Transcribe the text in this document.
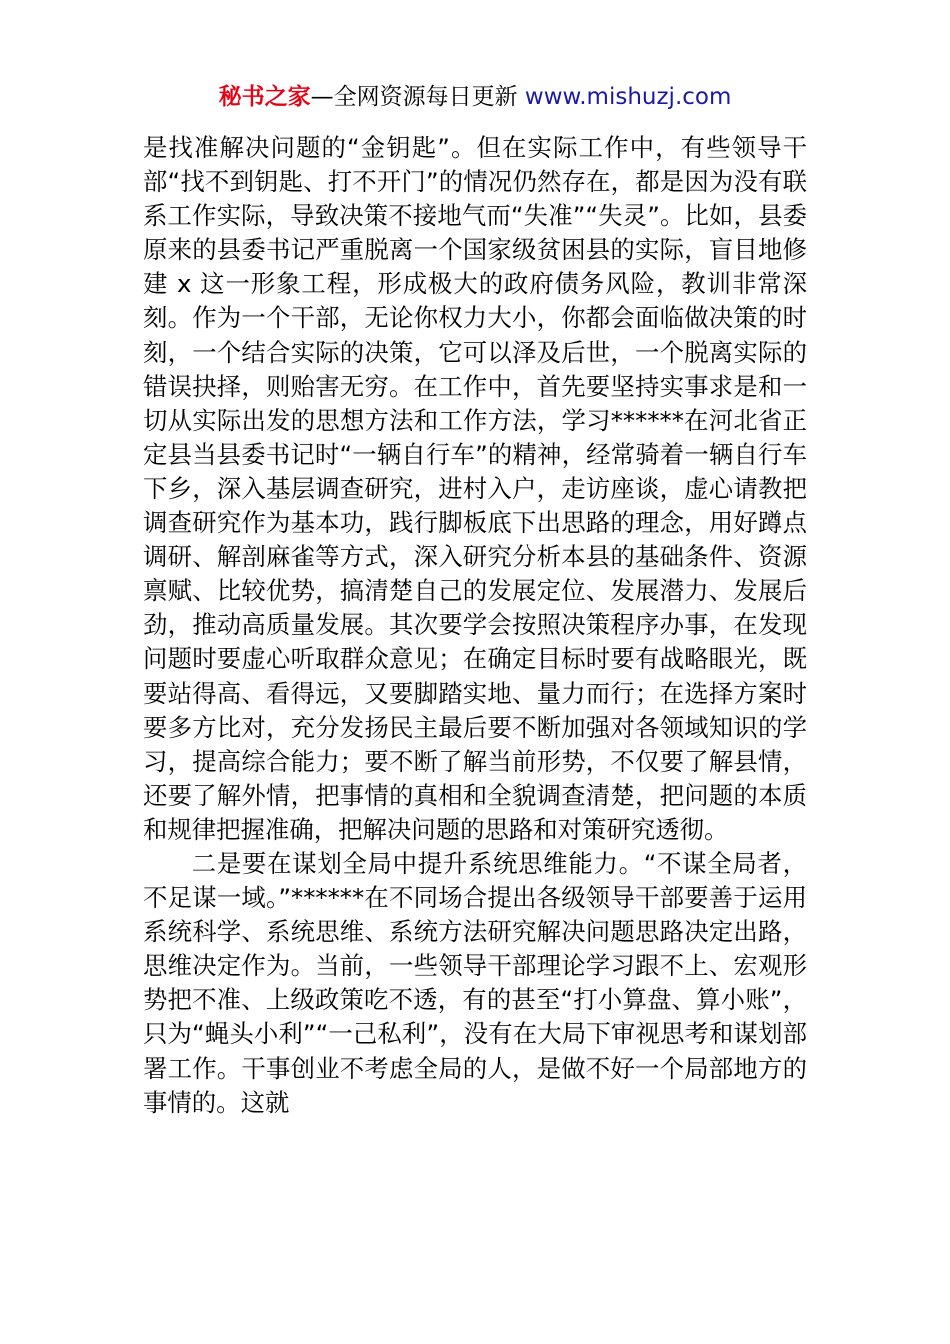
秘书之家—全网资源每日更新 www.mishuzj.com

是找准解决问题的“金钥匙”。但在实际工作中，有些领导干部“找不到钥匙、打不开门”的情况仍然存在，都是因为没有联系工作实际，导致决策不接地气而“失准”“失灵”。比如，县委原来的县委书记严重脱离一个国家级贫困县的实际，盲目地修建 x 这一形象工程，形成极大的政府债务风险，教训非常深刻。作为一个干部，无论你权力大小，你都会面临做决策的时刻，一个结合实际的决策，它可以泽及后世，一个脱离实际的错误抉择，则贻害无穷。在工作中，首先要坚持实事求是和一切从实际出发的思想方法和工作方法，学习******在河北省正定县当县委书记时“一辆自行车”的精神，经常骑着一辆自行车下乡，深入基层调查研究，进村入户，走访座谈，虚心请教把调查研究作为基本功，践行脚板底下出思路的理念，用好蹲点调研、解剖麻雀等方式，深入研究分析本县的基础条件、资源禀赋、比较优势，搞清楚自己的发展定位、发展潜力、发展后劲，推动高质量发展。其次要学会按照决策程序办事，在发现问题时要虚心听取群众意见；在确定目标时要有战略眼光，既要站得高、看得远，又要脚踏实地、量力而行；在选择方案时要多方比对，充分发扬民主最后要不断加强对各领域知识的学习，提高综合能力；要不断了解当前形势，不仅要了解县情，还要了解外情，把事情的真相和全貌调查清楚，把问题的本质和规律把握准确，把解决问题的思路和对策研究透彻。

二是要在谋划全局中提升系统思维能力。“不谋全局者，不足谋一域。”******在不同场合提出各级领导干部要善于运用系统科学、系统思维、系统方法研究解决问题思路决定出路，思维决定作为。当前，一些领导干部理论学习跟不上、宏观形势把不准、上级政策吃不透，有的甚至“打小算盘、算小账”，只为“蝇头小利”“一己私利”，没有在大局下审视思考和谋划部署工作。干事创业不考虑全局的人，是做不好一个局部地方的事情的。这就
